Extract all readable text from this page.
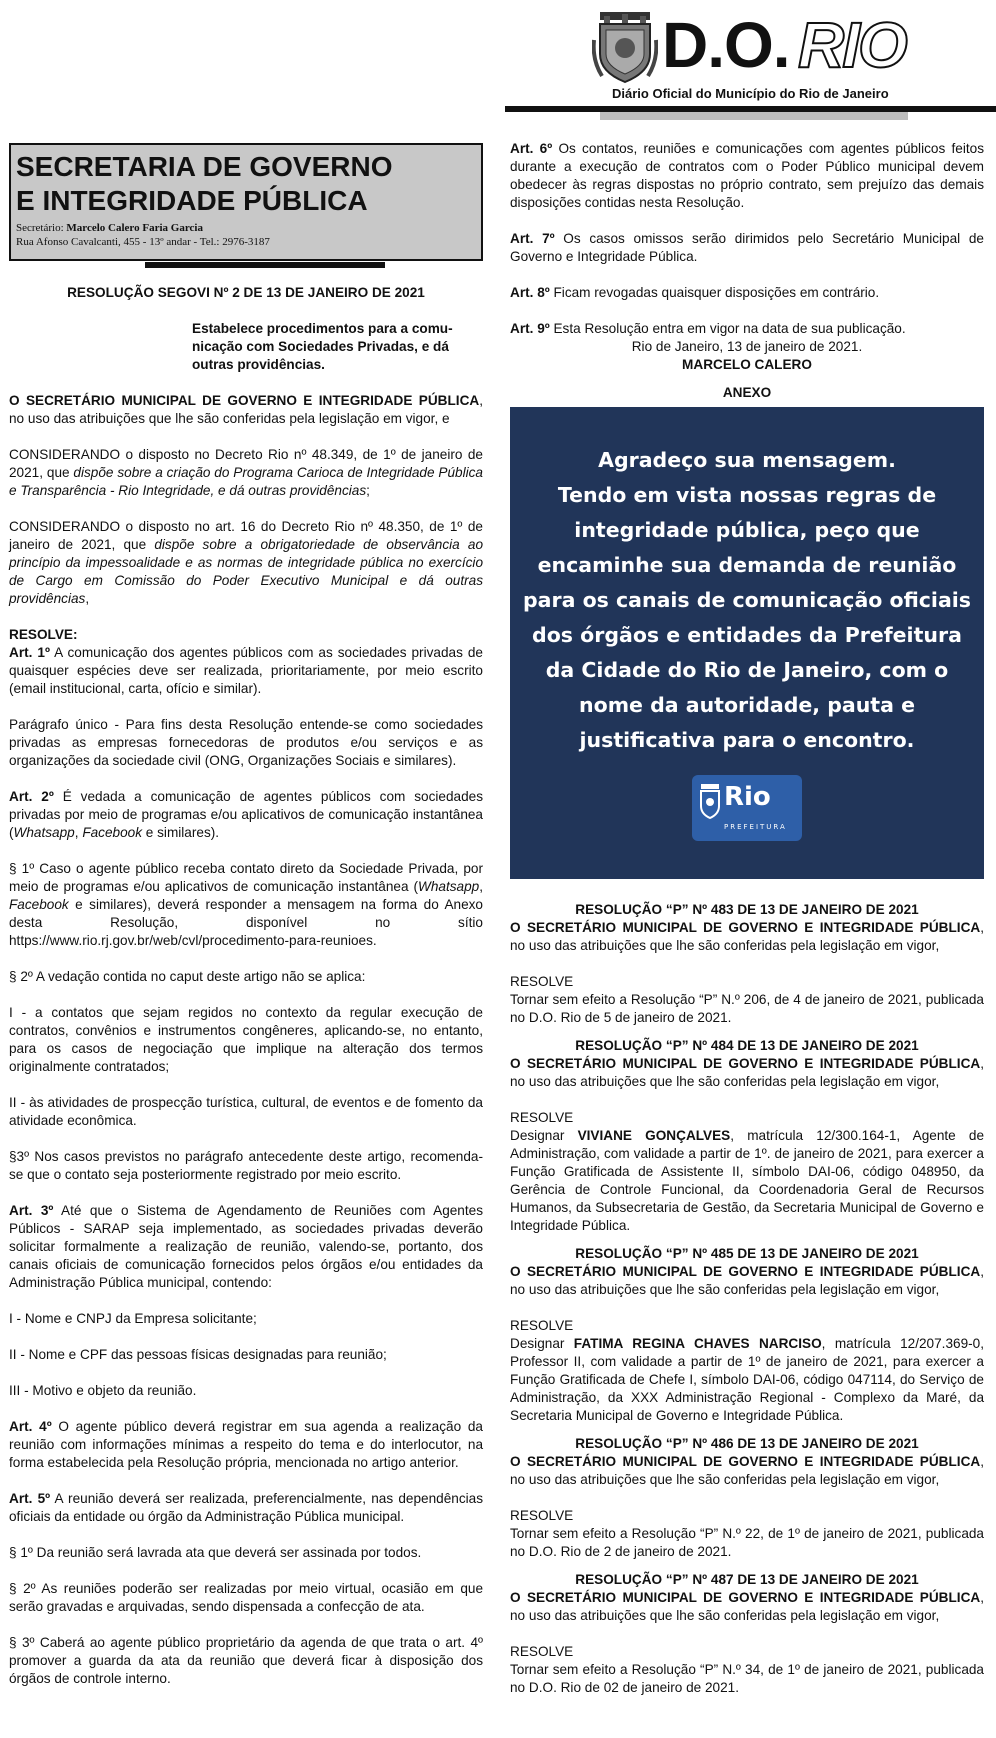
D.O. RIO
Diário Oficial do Município do Rio de Janeiro
SECRETARIA DE GOVERNO
E INTEGRIDADE PÚBLICA
Secretário: Marcelo Calero Faria Garcia
Rua Afonso Cavalcanti, 455 - 13º andar - Tel.: 2976-3187

RESOLUÇÃO SEGOVI Nº 2 DE 13 DE JANEIRO DE 2021

Estabelece procedimentos para a comu-

nicação com Sociedades Privadas, e dá

outras providências.

O SECRETÁRIO MUNICIPAL DE GOVERNO E INTEGRIDADE PÚBLICA, no uso das atribuições que lhe são conferidas pela legislação em vigor, e

CONSIDERANDO o disposto no Decreto Rio nº 48.349, de 1º de janeiro de 2021, que dispõe sobre a criação do Programa Carioca de Integridade Pública e Transparência - Rio Integridade, e dá outras providências;

CONSIDERANDO o disposto no art. 16 do Decreto Rio nº 48.350, de 1º de janeiro de 2021, que dispõe sobre a obrigatoriedade de observância ao princípio da impessoalidade e as normas de integridade pública no exercício de Cargo em Comissão do Poder Executivo Municipal e dá outras providências,

RESOLVE:

Art. 1º A comunicação dos agentes públicos com as sociedades privadas de quaisquer espécies deve ser realizada, prioritariamente, por meio escrito (email institucional, carta, ofício e similar).

Parágrafo único - Para fins desta Resolução entende-se como sociedades privadas as empresas fornecedoras de produtos e/ou serviços e as organizações da sociedade civil (ONG, Organizações Sociais e similares).

Art. 2º É vedada a comunicação de agentes públicos com sociedades privadas por meio de programas e/ou aplicativos de comunicação instantânea (Whatsapp, Facebook e similares).

§ 1º Caso o agente público receba contato direto da Sociedade Privada, por meio de programas e/ou aplicativos de comunicação instantânea (Whatsapp, Facebook e similares), deverá responder a mensagem na forma do Anexo desta Resolução, disponível no sítio https://www.rio.rj.gov.br/web/cvl/procedimento-para-reunioes.

§ 2º A vedação contida no caput deste artigo não se aplica:

I - a contatos que sejam regidos no contexto da regular execução de contratos, convênios e instrumentos congêneres, aplicando-se, no entanto, para os casos de negociação que implique na alteração dos termos originalmente contratados;

II - às atividades de prospecção turística, cultural, de eventos e de fomento da atividade econômica.

§3º Nos casos previstos no parágrafo antecedente deste artigo, recomenda-se que o contato seja posteriormente registrado por meio escrito.

Art. 3º Até que o Sistema de Agendamento de Reuniões com Agentes Públicos - SARAP seja implementado, as sociedades privadas deverão solicitar formalmente a realização de reunião, valendo-se, portanto, dos canais oficiais de comunicação fornecidos pelos órgãos e/ou entidades da Administração Pública municipal, contendo:

I - Nome e CNPJ da Empresa solicitante;

II - Nome e CPF das pessoas físicas designadas para reunião;

III - Motivo e objeto da reunião.

Art. 4º O agente público deverá registrar em sua agenda a realização da reunião com informações mínimas a respeito do tema e do interlocutor, na forma estabelecida pela Resolução própria, mencionada no artigo anterior.

Art. 5º A reunião deverá ser realizada, preferencialmente, nas dependências oficiais da entidade ou órgão da Administração Pública municipal.

§ 1º Da reunião será lavrada ata que deverá ser assinada por todos.

§ 2º As reuniões poderão ser realizadas por meio virtual, ocasião em que serão gravadas e arquivadas, sendo dispensada a confecção de ata.

§ 3º Caberá ao agente público proprietário da agenda de que trata o art. 4º promover a guarda da ata da reunião que deverá ficar à disposição dos órgãos de controle interno.

Art. 6º Os contatos, reuniões e comunicações com agentes públicos feitos durante a execução de contratos com o Poder Público municipal devem obedecer às regras dispostas no próprio contrato, sem prejuízo das demais disposições contidas nesta Resolução.

Art. 7º Os casos omissos serão dirimidos pelo Secretário Municipal de Governo e Integridade Pública.

Art. 8º Ficam revogadas quaisquer disposições em contrário.

Art. 9º Esta Resolução entra em vigor na data de sua publicação.

Rio de Janeiro, 13 de janeiro de 2021.

MARCELO CALERO

ANEXO

Agradeço sua mensagem.
Tendo em vista nossas regras de
integridade pública, peço que
encaminhe sua demanda de reunião
para os canais de comunicação oficiais
dos órgãos e entidades da Prefeitura
da Cidade do Rio de Janeiro, com o
nome da autoridade, pauta e
justificativa para o encontro.
Rio
PREFEITURA

RESOLUÇÃO “P” Nº 483 DE 13 DE JANEIRO DE 2021

O SECRETÁRIO MUNICIPAL DE GOVERNO E INTEGRIDADE PÚBLICA, no uso das atribuições que lhe são conferidas pela legislação em vigor,

RESOLVE

Tornar sem efeito a Resolução “P” N.º 206, de 4 de janeiro de 2021, publicada no D.O. Rio de 5 de janeiro de 2021.

RESOLUÇÃO “P” Nº 484 DE 13 DE JANEIRO DE 2021

O SECRETÁRIO MUNICIPAL DE GOVERNO E INTEGRIDADE PÚBLICA, no uso das atribuições que lhe são conferidas pela legislação em vigor,

RESOLVE

Designar VIVIANE GONÇALVES, matrícula 12/300.164-1, Agente de Administração, com validade a partir de 1º. de janeiro de 2021, para exercer a Função Gratificada de Assistente II, símbolo DAI-06, código 048950, da Gerência de Controle Funcional, da Coordenadoria Geral de Recursos Humanos, da Subsecretaria de Gestão, da Secretaria Municipal de Governo e Integridade Pública.

RESOLUÇÃO “P” Nº 485 DE 13 DE JANEIRO DE 2021

O SECRETÁRIO MUNICIPAL DE GOVERNO E INTEGRIDADE PÚBLICA, no uso das atribuições que lhe são conferidas pela legislação em vigor,

RESOLVE

Designar FATIMA REGINA CHAVES NARCISO, matrícula 12/207.369-0, Professor II, com validade a partir de 1º de janeiro de 2021, para exercer a Função Gratificada de Chefe I, símbolo DAI-06, código 047114, do Serviço de Administração, da XXX Administração Regional - Complexo da Maré, da Secretaria Municipal de Governo e Integridade Pública.

RESOLUÇÃO “P” Nº 486 DE 13 DE JANEIRO DE 2021

O SECRETÁRIO MUNICIPAL DE GOVERNO E INTEGRIDADE PÚBLICA, no uso das atribuições que lhe são conferidas pela legislação em vigor,

RESOLVE

Tornar sem efeito a Resolução “P” N.º 22, de 1º de janeiro de 2021, publicada no D.O. Rio de 2 de janeiro de 2021.

RESOLUÇÃO “P” Nº 487 DE 13 DE JANEIRO DE 2021

O SECRETÁRIO MUNICIPAL DE GOVERNO E INTEGRIDADE PÚBLICA, no uso das atribuições que lhe são conferidas pela legislação em vigor,

RESOLVE

Tornar sem efeito a Resolução “P” N.º 34, de 1º de janeiro de 2021, publicada no D.O. Rio de 02 de janeiro de 2021.
